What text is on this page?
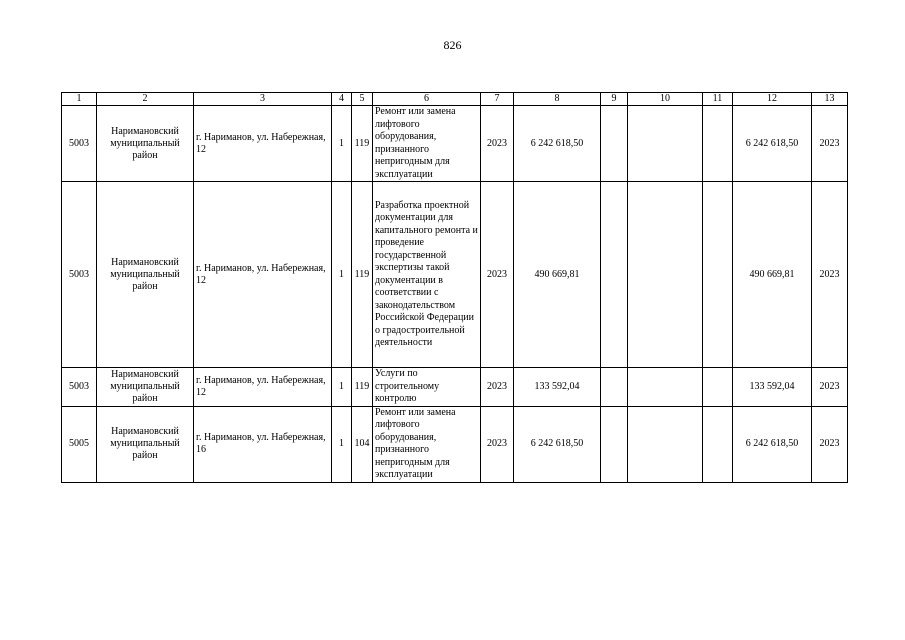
826
1	2	3	4	5	6	7	8	9	10	11	12	13
5003	Наримановский муниципальный район	г. Нариманов, ул. Набережная, 12	1	119	Ремонт или замена лифтового оборудования, признанного непригодным для эксплуатации	2023	6 242 618,50				6 242 618,50	2023
5003	Наримановский муниципальный район	г. Нариманов, ул. Набережная, 12	1	119	Разработка проектной документации для капитального ремонта и проведение государственной экспертизы такой документации в соответствии с законодательством Российской Федерации о градостроительной деятельности	2023	490 669,81				490 669,81	2023
5003	Наримановский муниципальный район	г. Нариманов, ул. Набережная, 12	1	119	Услуги по строительному контролю	2023	133 592,04				133 592,04	2023
5005	Наримановский муниципальный район	г. Нариманов, ул. Набережная, 16	1	104	Ремонт или замена лифтового оборудования, признанного непригодным для эксплуатации	2023	6 242 618,50				6 242 618,50	2023
